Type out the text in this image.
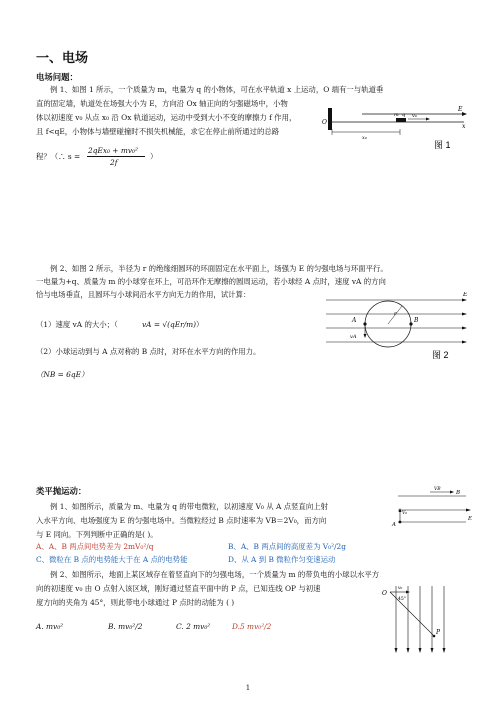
一、电场
电场问题：
例 1、如图 1 所示，一个质量为 m，电量为 q 的小物体，可在水平轨道 x 上运动，O 端有一与轨道垂
直的固定墙，轨道处在场强大小为 E，方向沿 Ox 轴正向的匀强磁场中，小物
体以初速度 v₀ 从点 x₀ 沿 Ox 轨道运动，运动中受到大小不变的摩擦力 f 作用，
且 f<qE，小物体与墙壁碰撞时不损失机械能，求它在停止前所通过的总路
程？（∴ s =
2qEx₀ + mv₀²
2f
）
O
E
m q v₀
x₀
x
图 1
例 2、如图 2 所示，半径为 r 的绝缘细圆环的环面固定在水平面上，场强为 E 的匀强电场与环面平行。
一电量为+q、质量为 m 的小球穿在环上，可沿环作无摩擦的圆周运动，若小球经 A 点时，速度 vA 的方向
恰与电场垂直，且圆环与小球间沿水平方向无力的作用，试计算：
（1）速度 vA 的大小；（	vA = √(qEr/m) ）
（2）小球运动到与 A 点对称的 B 点时，对环在水平方向的作用力。
（NB = 6qE）
E
A	B
r
vA
图 2
类平抛运动：
例 1、如图所示，质量为 m、电量为 q 的带电微粒，以初速度 V₀ 从 A 点竖直向上射
入水平方向、电场强度为 E 的匀强电场中。当微粒经过 B 点时速率为 VB＝2V₀，而方向
与 E 同向。下列判断中正确的是( )。
A、A、B 两点间电势差为 2mV₀²/q	B、A、B 两点间的高度差为 V₀²/2g
C、微粒在 B 点的电势能大于在 A 点的电势能	D、从 A 到 B 微粒作匀变速运动
B
VB
V₀
A
E
例 2、如图所示，地面上某区域存在着竖直向下的匀强电场，一个质量为 m 的带负电的小球以水平方
向的初速度 v₀ 由 O 点射入该区域，刚好通过竖直平面中的 P 点，已知连线 OP 与初速
度方向的夹角为 45°，则此带电小球通过 P 点时的动能为 ( )
A. mv₀²	B. mv₀²/2	C. 2 mv₀²	D.5 mv₀²/2
O
v₀
45°
P
1
